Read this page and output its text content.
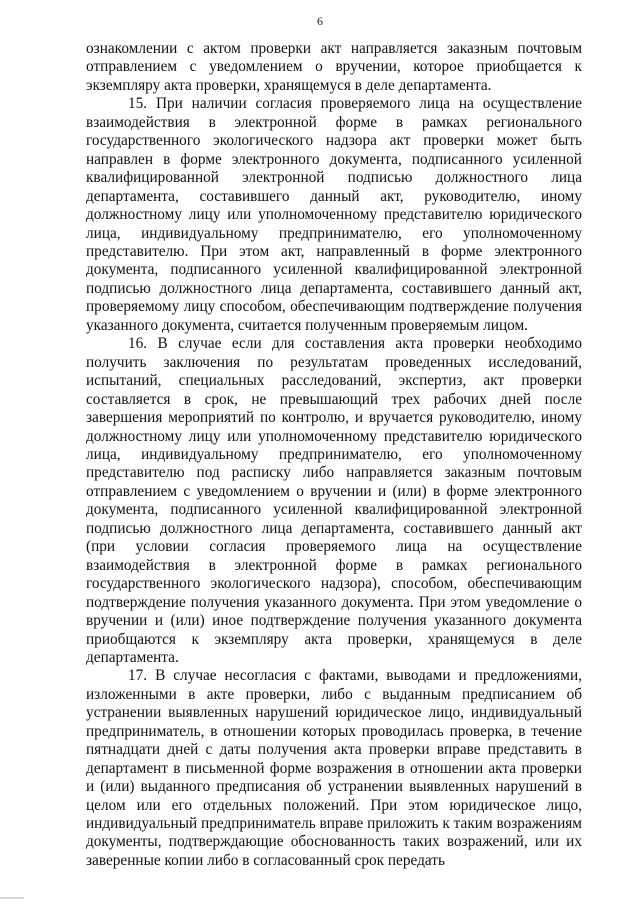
6

ознакомлении с актом проверки акт направляется заказным почтовым отправлением с уведомлением о вручении, которое приобщается к экземпляру акта проверки, хранящемуся в деле департамента.

15. При наличии согласия проверяемого лица на осуществление взаимодействия в электронной форме в рамках регионального государственного экологического надзора акт проверки может быть направлен в форме электронного документа, подписанного усиленной квалифицированной электронной подписью должностного лица департамента, составившего данный акт, руководителю, иному должностному лицу или уполномоченному представителю юридического лица, индивидуальному предпринимателю, его уполномоченному представителю. При этом акт, направленный в форме электронного документа, подписанного усиленной квалифицированной электронной подписью должностного лица департамента, составившего данный акт, проверяемому лицу способом, обеспечивающим подтверждение получения указанного документа, считается полученным проверяемым лицом.

16. В случае если для составления акта проверки необходимо получить заключения по результатам проведенных исследований, испытаний, специальных расследований, экспертиз, акт проверки составляется в срок, не превышающий трех рабочих дней после завершения мероприятий по контролю, и вручается руководителю, иному должностному лицу или уполномоченному представителю юридического лица, индивидуальному предпринимателю, его уполномоченному представителю под расписку либо направляется заказным почтовым отправлением с уведомлением о вручении и (или) в форме электронного документа, подписанного усиленной квалифицированной электронной подписью должностного лица департамента, составившего данный акт (при условии согласия проверяемого лица на осуществление взаимодействия в электронной форме в рамках регионального государственного экологического надзора), способом, обеспечивающим подтверждение получения указанного документа. При этом уведомление о вручении и (или) иное подтверждение получения указанного документа приобщаются к экземпляру акта проверки, хранящемуся в деле департамента.

17. В случае несогласия с фактами, выводами и предложениями, изложенными в акте проверки, либо с выданным предписанием об устранении выявленных нарушений юридическое лицо, индивидуальный предприниматель, в отношении которых проводилась проверка, в течение пятнадцати дней с даты получения акта проверки вправе представить в департамент в письменной форме возражения в отношении акта проверки и (или) выданного предписания об устранении выявленных нарушений в целом или его отдельных положений. При этом юридическое лицо, индивидуальный предприниматель вправе приложить к таким возражениям документы, подтверждающие обоснованность таких возражений, или их заверенные копии либо в согласованный срок передать
